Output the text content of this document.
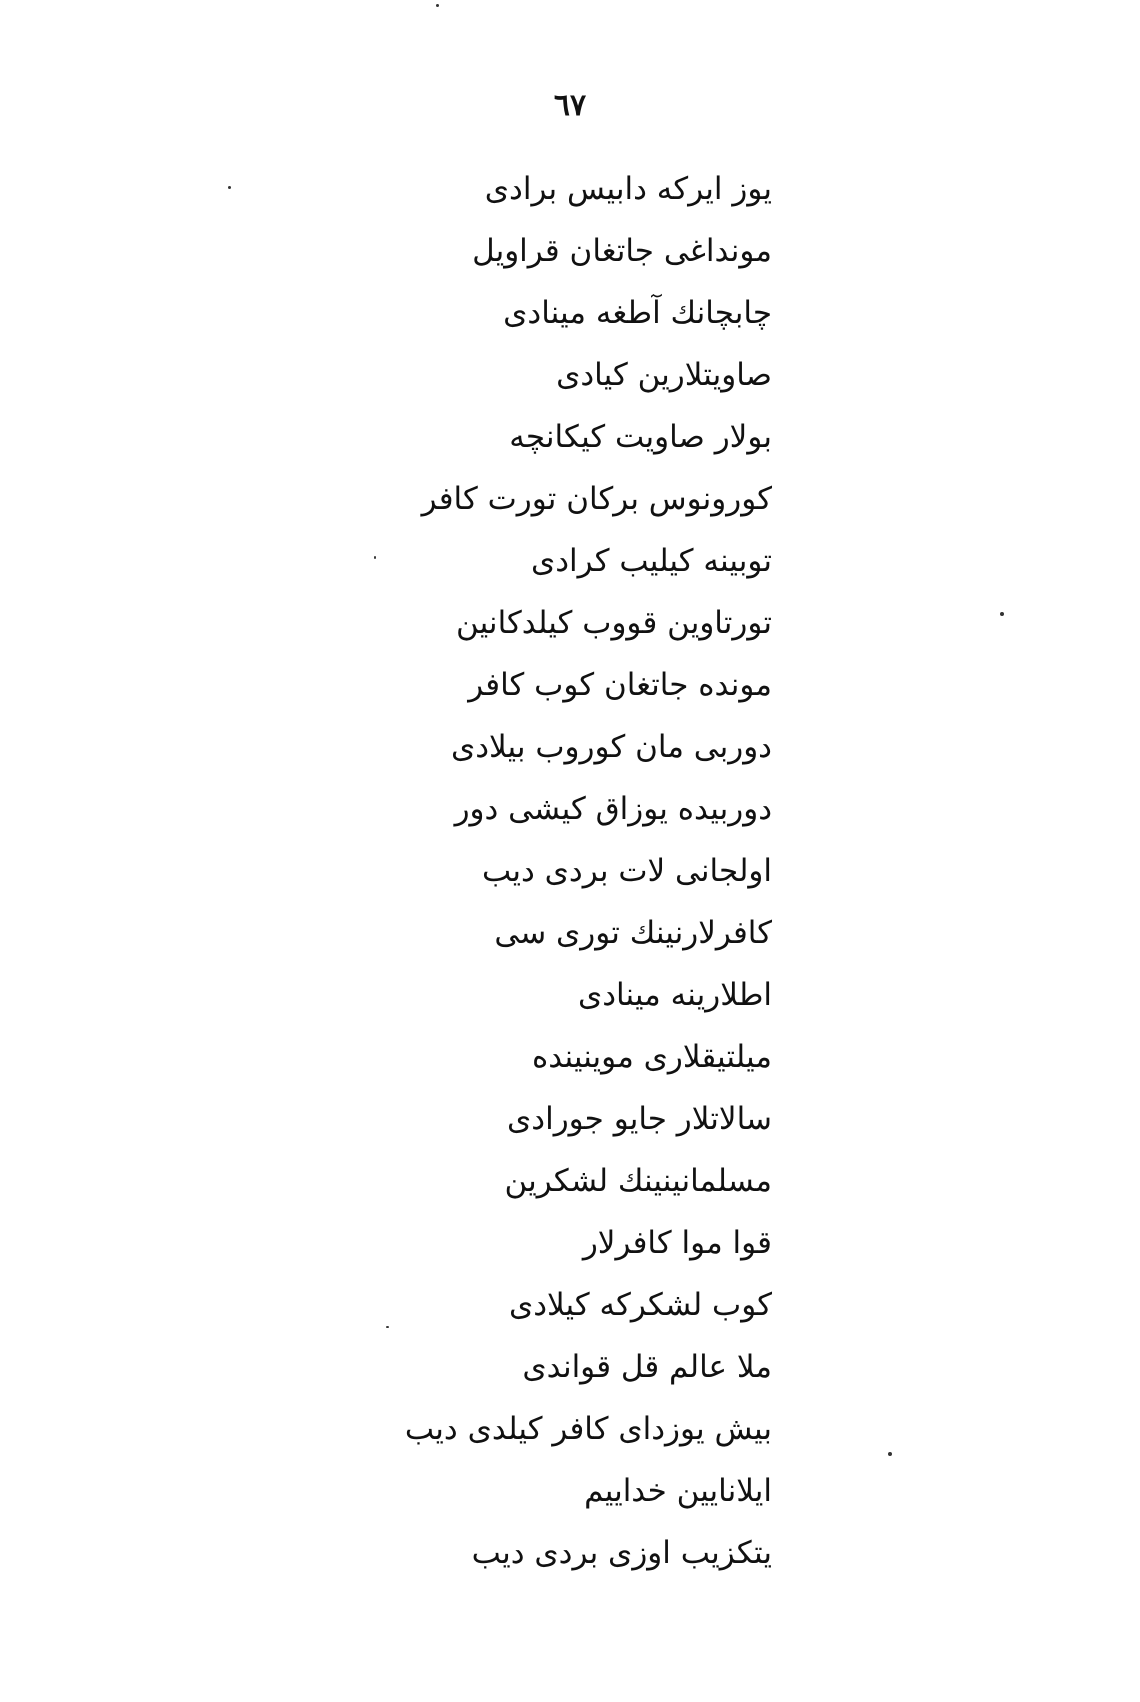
٦٧
یوز ایرکه دابیس برادی
مونداغی جاتغان قراویل
چابچانك آطغه مینادی
صاویتلارین کیادی
بولار صاویت کیکانچه
کورونوس برکان تورت کافر
توبینه کیلیب کرادی
تورتاوین قووب کیلدکانین
مونده جاتغان کوب کافر
دوربی مان کوروب بیلادی
دوربیده یوزاق کیشی دور
اولجانی لات بردی دیب
کافرلارنینك توری سی
اطلارینه مینادی
میلتیقلاری موینینده
سالاتلار جایو جورادی
مسلمانینینك لشکرین
قوا موا کافرلار
کوب لشکرکه کیلادی
ملا عالم قل قواندی
بیش یوزدای کافر کیلدی دیب
ایلانایین خداییم
یتکزیب اوزی بردی دیب
